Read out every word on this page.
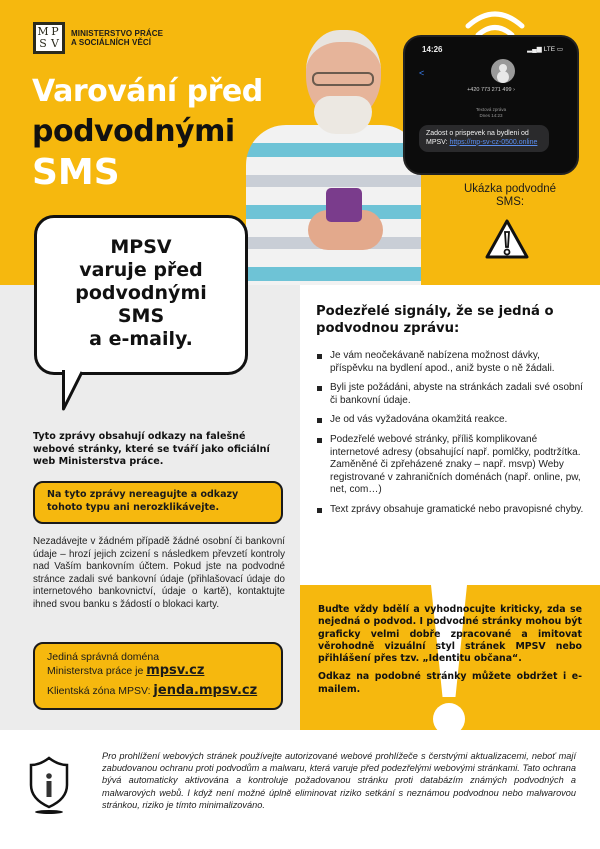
M P
S V
MINISTERSTVO PRÁCE
A SOCIÁLNÍCH VĚCÍ
Varování před
podvodnými
SMS
14:26	▂▄▆ LTE ▭
<
+420 773 271 499 ›
Textová zpráva
Dnes 14:23
Zadost o prispevek na bydleni od MPSV: https://mp-sv-cz-0500.online
Ukázka podvodné SMS:
MPSV
varuje před
podvodnými
SMS
a e-maily.
Tyto zprávy obsahují odkazy na falešné webové stránky, které se tváří jako oficiální web Ministerstva práce.
Na tyto zprávy nereagujte a odkazy tohoto typu ani nerozklikávejte.
Nezadávejte v žádném případě žádné osobní či bankovní údaje – hrozí jejich zcizení s následkem převzetí kontroly nad Vaším bankovním účtem. Pokud jste na podvodné stránce zadali své bankovní údaje (přihlašovací údaje do internetového bankovnictví, údaje o kartě), kontaktujte ihned svou banku s žádostí o blokaci karty.
Jediná správná doména
Ministerstva práce je mpsv.cz
Klientská zóna MPSV: jenda.mpsv.cz
Podezřelé signály, že se jedná o podvodnou zprávu:
Je vám neočekávaně nabízena možnost dávky, příspěvku na bydlení apod., aniž byste o ně žádali.
Byli jste požádáni, abyste na stránkách zadali své osobní či bankovní údaje.
Je od vás vyžadována okamžitá reakce.
Podezřelé webové stránky, příliš komplikované internetové adresy (obsahující např. pomlčky, podtržítka. Zaměněné či zpřeházené znaky – např. msvp) Weby registrované v zahraničních doménách (např. online, pw, net, com…)
Text zprávy obsahuje gramatické nebo pravopisné chyby.

Buďte vždy bdělí a vyhodnocujte kriticky, zda se nejedná o podvod. I podvodné stránky mohou být graficky velmi dobře zpracované a imitovat věrohodně vizuální styl stránek MPSV nebo přihlášení přes tzv. „Identitu občana“.

Odkaz na podobné stránky můžete obdržet i e-mailem.

Pro prohlížení webových stránek používejte autorizované webové prohlížeče s čerstvými aktualizacemi, neboť mají zabudovanou ochranu proti podvodům a malwaru, která varuje před podezřelými webovými stránkami. Tato ochrana bývá automaticky aktivována a kontroluje požadovanou stránku proti databázím známých podvodných a malwarových webů. I když není možné úplně eliminovat riziko setkání s neznámou podvodnou nebo malwarovou stránkou, riziko je tímto minimalizováno.
